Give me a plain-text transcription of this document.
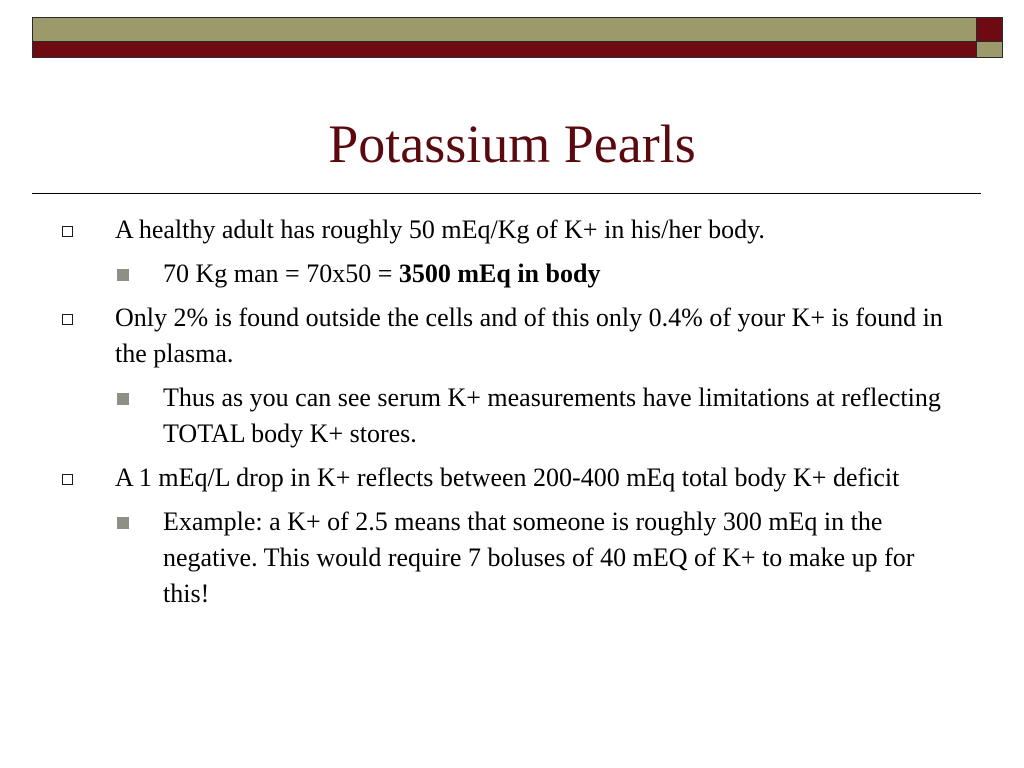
Potassium Pearls
A healthy adult has roughly 50 mEq/Kg of K+ in his/her body.
70 Kg man = 70x50 = 3500 mEq in body
Only 2% is found outside the cells and of this only 0.4% of your K+ is found in the plasma.
Thus as you can see serum K+ measurements have limitations at reflecting TOTAL body K+ stores.
A 1 mEq/L drop in K+ reflects between 200-400 mEq total body K+ deficit
Example: a K+ of 2.5 means that someone is roughly 300 mEq in the negative. This would require 7 boluses of 40 mEQ of K+ to make up for this!
